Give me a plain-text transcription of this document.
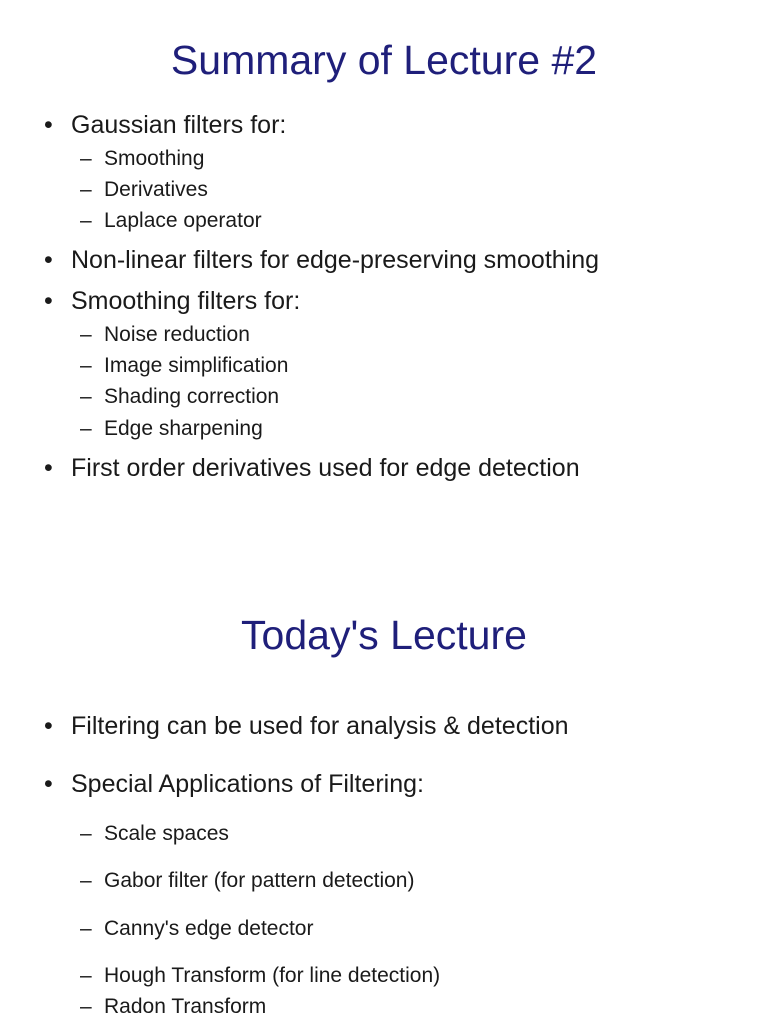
Summary of Lecture #2
• Gaussian filters for:
– Smoothing
– Derivatives
– Laplace operator
• Non-linear filters for edge-preserving smoothing
• Smoothing filters for:
– Noise reduction
– Image simplification
– Shading correction
– Edge sharpening
• First order derivatives used for edge detection
Today's Lecture
• Filtering can be used for analysis & detection
• Special Applications of Filtering:
– Scale spaces
– Gabor filter (for pattern detection)
– Canny's edge detector
– Hough Transform (for line detection)
– Radon Transform
